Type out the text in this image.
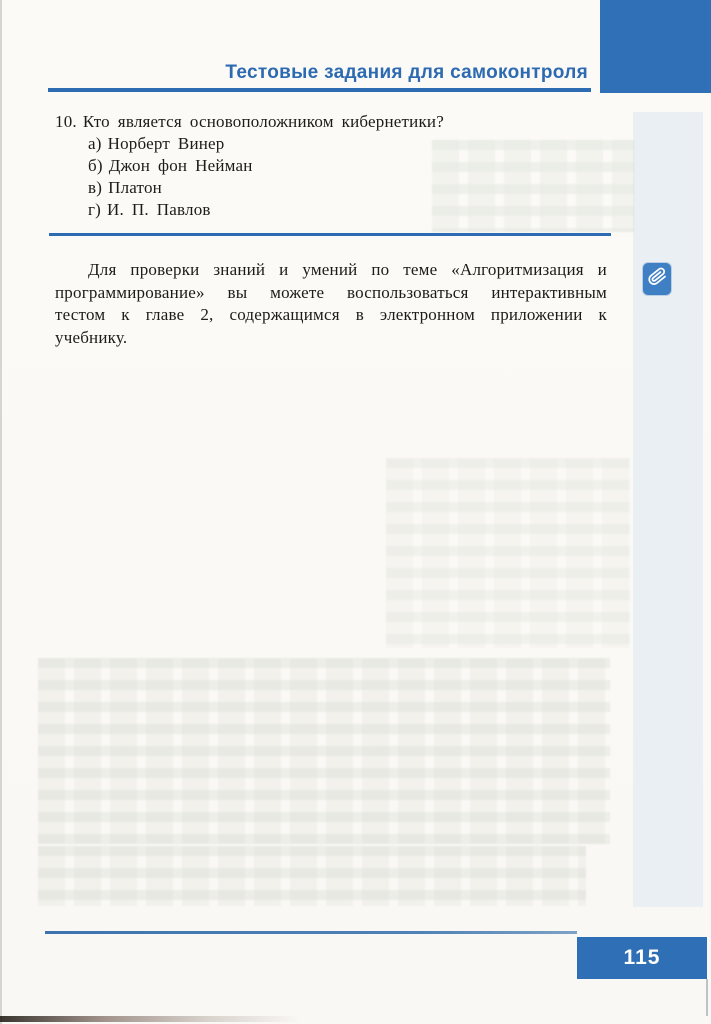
Тестовые задания для самоконтроля
10. Кто является основоположником кибернетики?
а) Норберт Винер
б) Джон фон Нейман
в) Платон
г) И. П. Павлов
Для проверки знаний и умений по теме «Алгоритмизация и
программирование» вы можете воспользоваться интерактивным
тестом к главе 2, содержащимся в электронном приложении к
учебнику.
115
